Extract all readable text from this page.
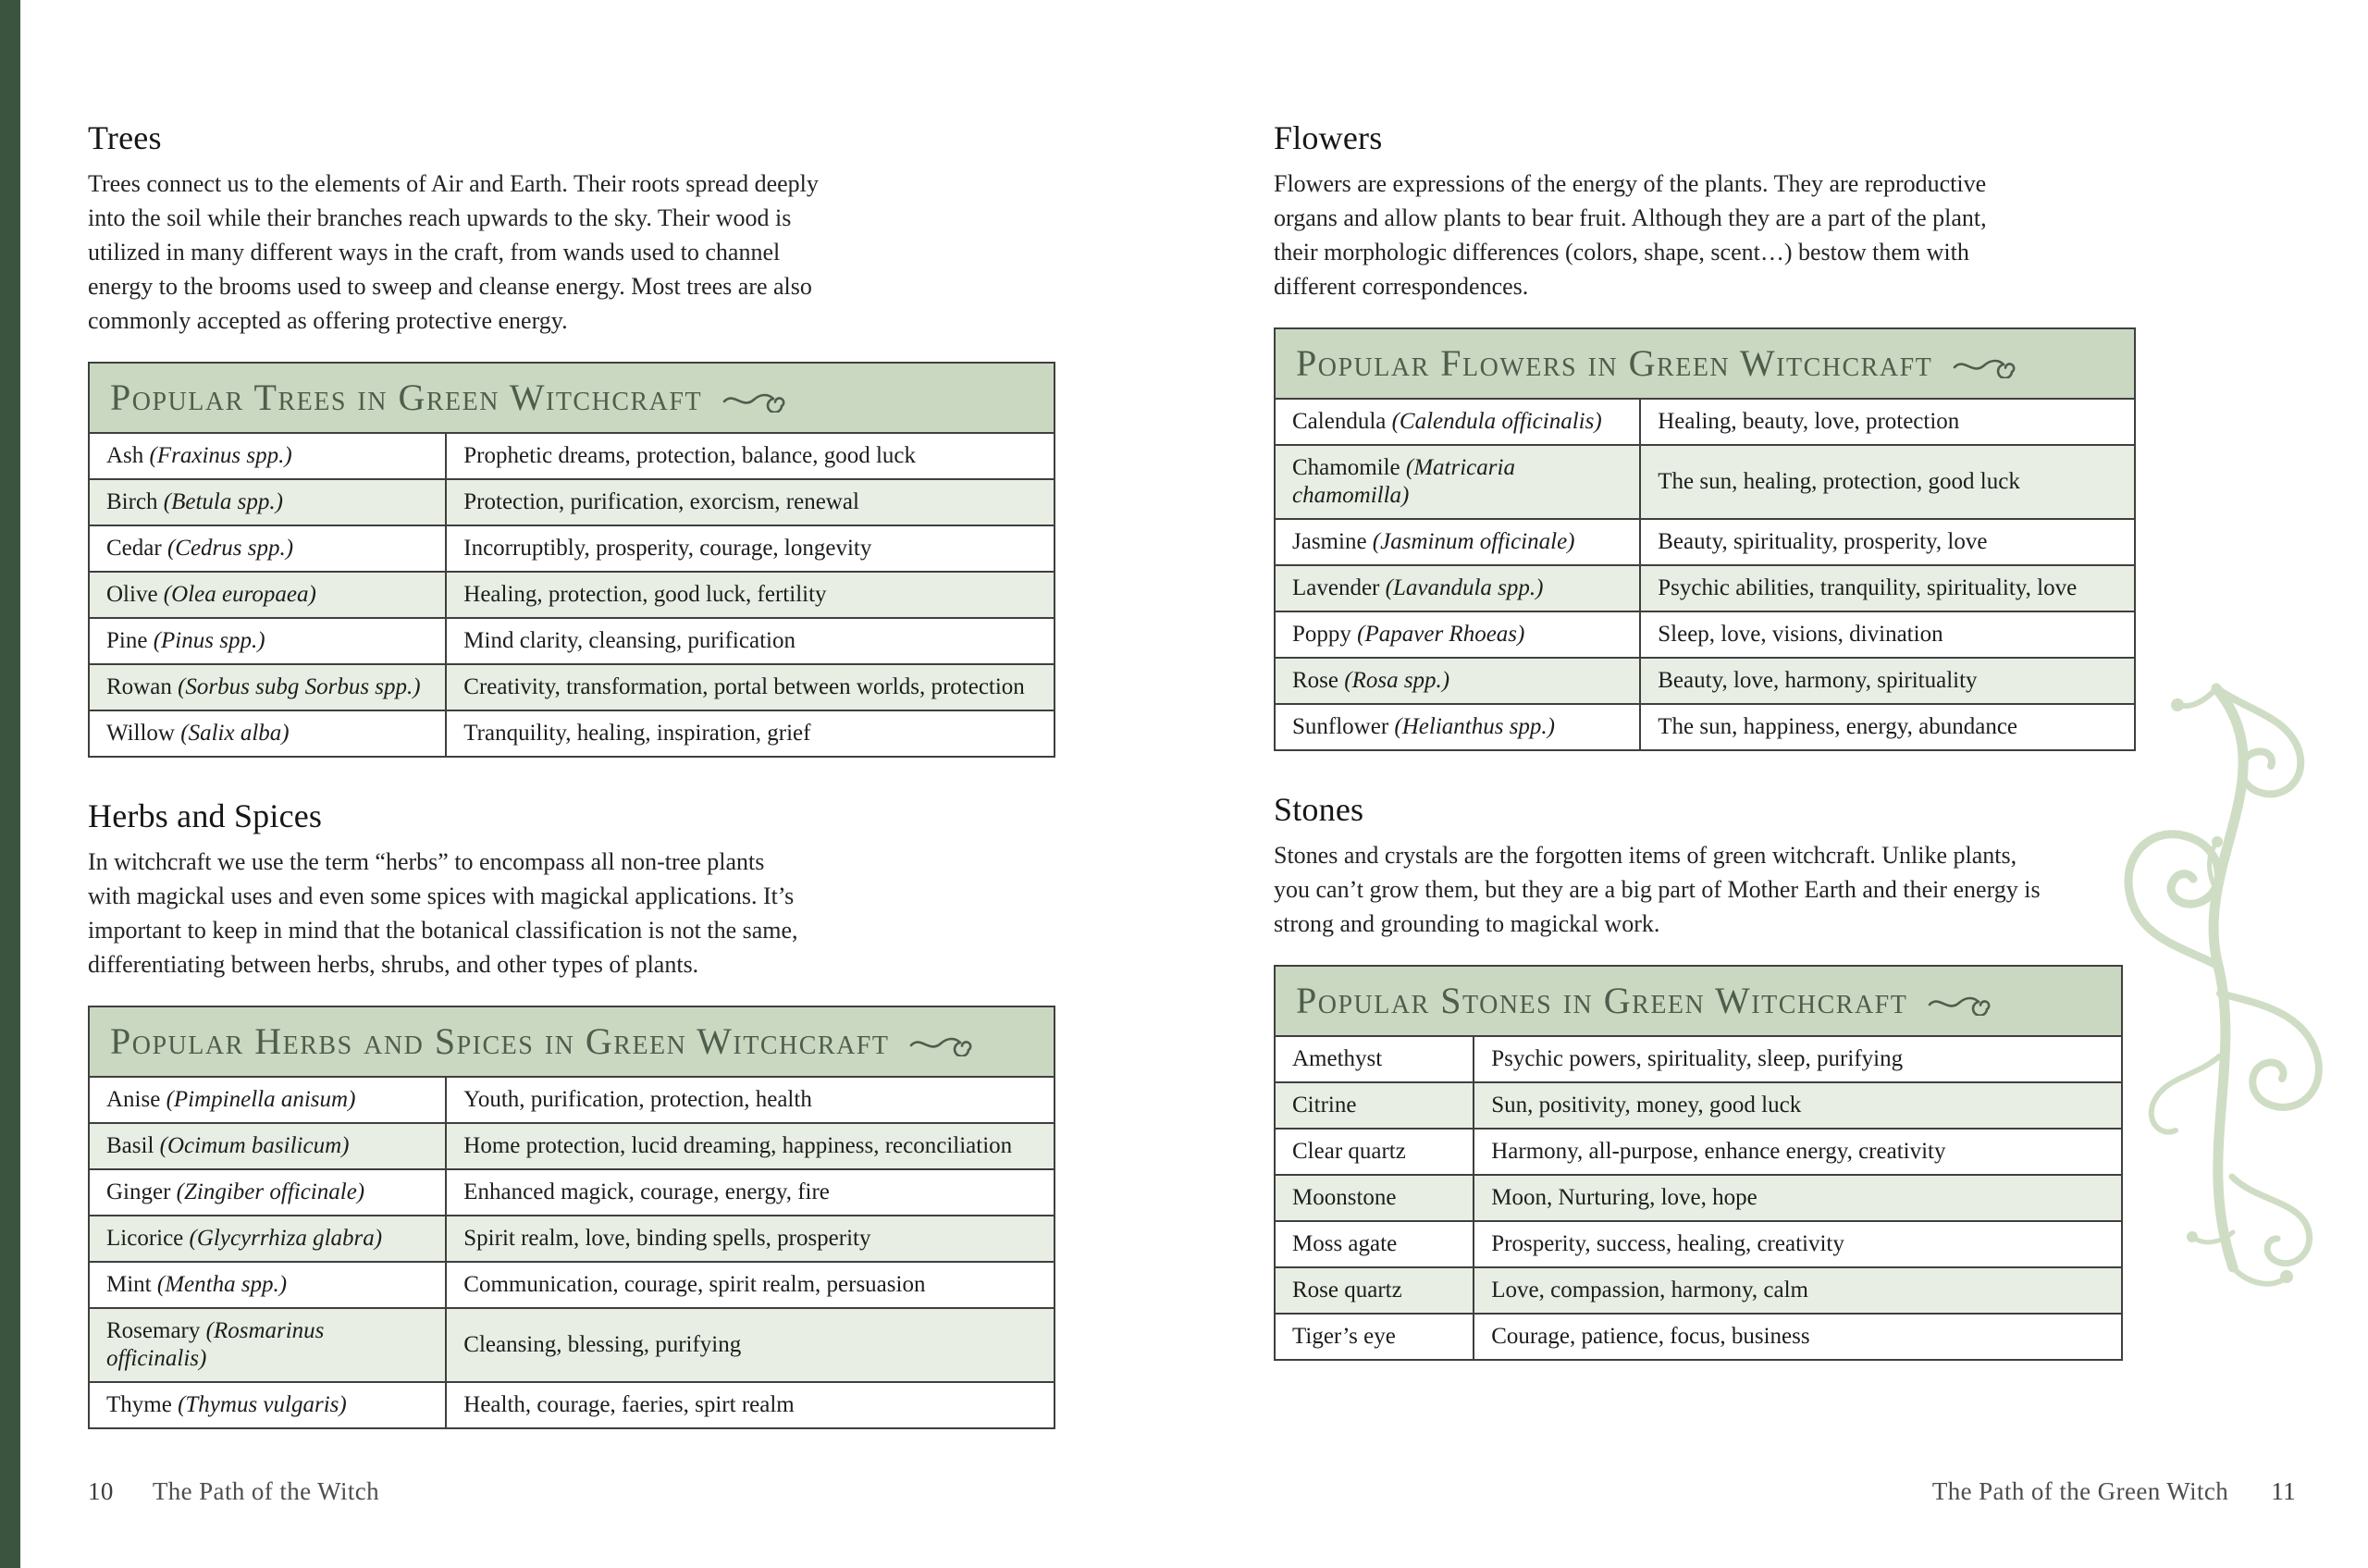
Trees

Trees connect us to the elements of Air and Earth. Their roots spread deeply into the soil while their branches reach upwards to the sky. Their wood is utilized in many different ways in the craft, from wands used to channel energy to the brooms used to sweep and cleanse energy. Most trees are also commonly accepted as offering protective energy.

Popular Trees in Green Witchcraft	

Ash (Fraxinus spp.)	Prophetic dreams, protection, balance, good luck
Birch (Betula spp.)	Protection, purification, exorcism, renewal
Cedar (Cedrus spp.)	Incorruptibly, prosperity, courage, longevity
Olive (Olea europaea)	Healing, protection, good luck, fertility
Pine (Pinus spp.)	Mind clarity, cleansing, purification
Rowan (Sorbus subg Sorbus spp.)	Creativity, transformation, portal between worlds, protection
Willow (Salix alba)	Tranquility, healing, inspiration, grief
Herbs and Spices

In witchcraft we use the term “herbs” to encompass all non-tree plants with magickal uses and even some spices with magickal applications. It’s important to keep in mind that the botanical classification is not the same, differentiating between herbs, shrubs, and other types of plants.

Popular Herbs and Spices in Green Witchcraft	

Anise (Pimpinella anisum)	Youth, purification, protection, health
Basil (Ocimum basilicum)	Home protection, lucid dreaming, happiness, reconciliation
Ginger (Zingiber officinale)	Enhanced magick, courage, energy, fire
Licorice (Glycyrrhiza glabra)	Spirit realm, love, binding spells, prosperity
Mint (Mentha spp.)	Communication, courage, spirit realm, persuasion
Rosemary (Rosmarinus officinalis)	Cleansing, blessing, purifying
Thyme (Thymus vulgaris)	Health, courage, faeries, spirt realm
Flowers

Flowers are expressions of the energy of the plants. They are reproductive organs and allow plants to bear fruit. Although they are a part of the plant, their morphologic differences (colors, shape, scent…) bestow them with different correspondences.

Popular Flowers in Green Witchcraft	

Calendula (Calendula officinalis)	Healing, beauty, love, protection
Chamomile (Matricaria chamomilla)	The sun, healing, protection, good luck
Jasmine (Jasminum officinale)	Beauty, spirituality, prosperity, love
Lavender (Lavandula spp.)	Psychic abilities, tranquility, spirituality, love
Poppy (Papaver Rhoeas)	Sleep, love, visions, divination
Rose (Rosa spp.)	Beauty, love, harmony, spirituality
Sunflower (Helianthus spp.)	The sun, happiness, energy, abundance
Stones

Stones and crystals are the forgotten items of green witchcraft. Unlike plants, you can’t grow them, but they are a big part of Mother Earth and their energy is strong and grounding to magickal work.

Popular Stones in Green Witchcraft	

Amethyst	Psychic powers, spirituality, sleep, purifying
Citrine	Sun, positivity, money, good luck
Clear quartz	Harmony, all-purpose, enhance energy, creativity
Moonstone	Moon, Nurturing, love, hope
Moss agate	Prosperity, success, healing, creativity
Rose quartz	Love, compassion, harmony, calm
Tiger’s eye	Courage, patience, focus, business
10 The Path of the Witch	The Path of the Green Witch 11
